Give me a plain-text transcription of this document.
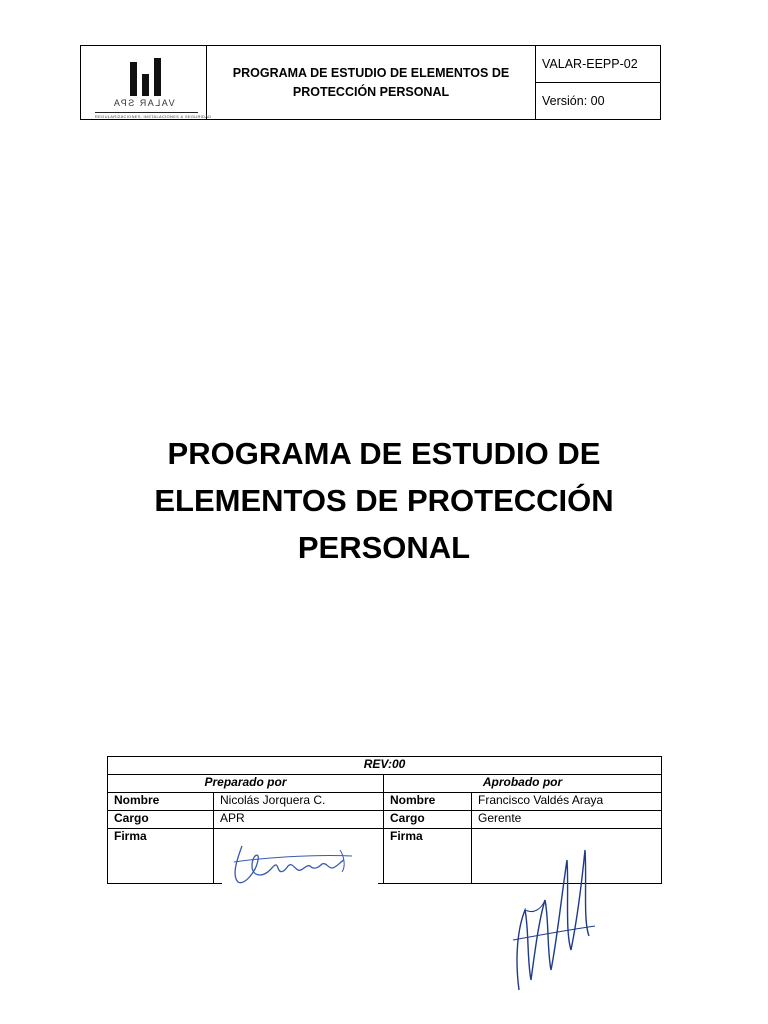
VALAR SPA
REGULARIZACIONES, INSTALACIONES & SEGURIDAD
	PROGRAMA DE ESTUDIO DE ELEMENTOS DE PROTECCIÓN PERSONAL	VALAR-EEPP-02
Versión: 00
PROGRAMA DE ESTUDIO DE
ELEMENTOS DE PROTECCIÓN
PERSONAL
REV:00			
Preparado por		Aprobado por	
Nombre	Nicolás Jorquera C.	Nombre	Francisco Valdés Araya
Cargo	APR	Cargo	Gerente
Firma		Firma	
